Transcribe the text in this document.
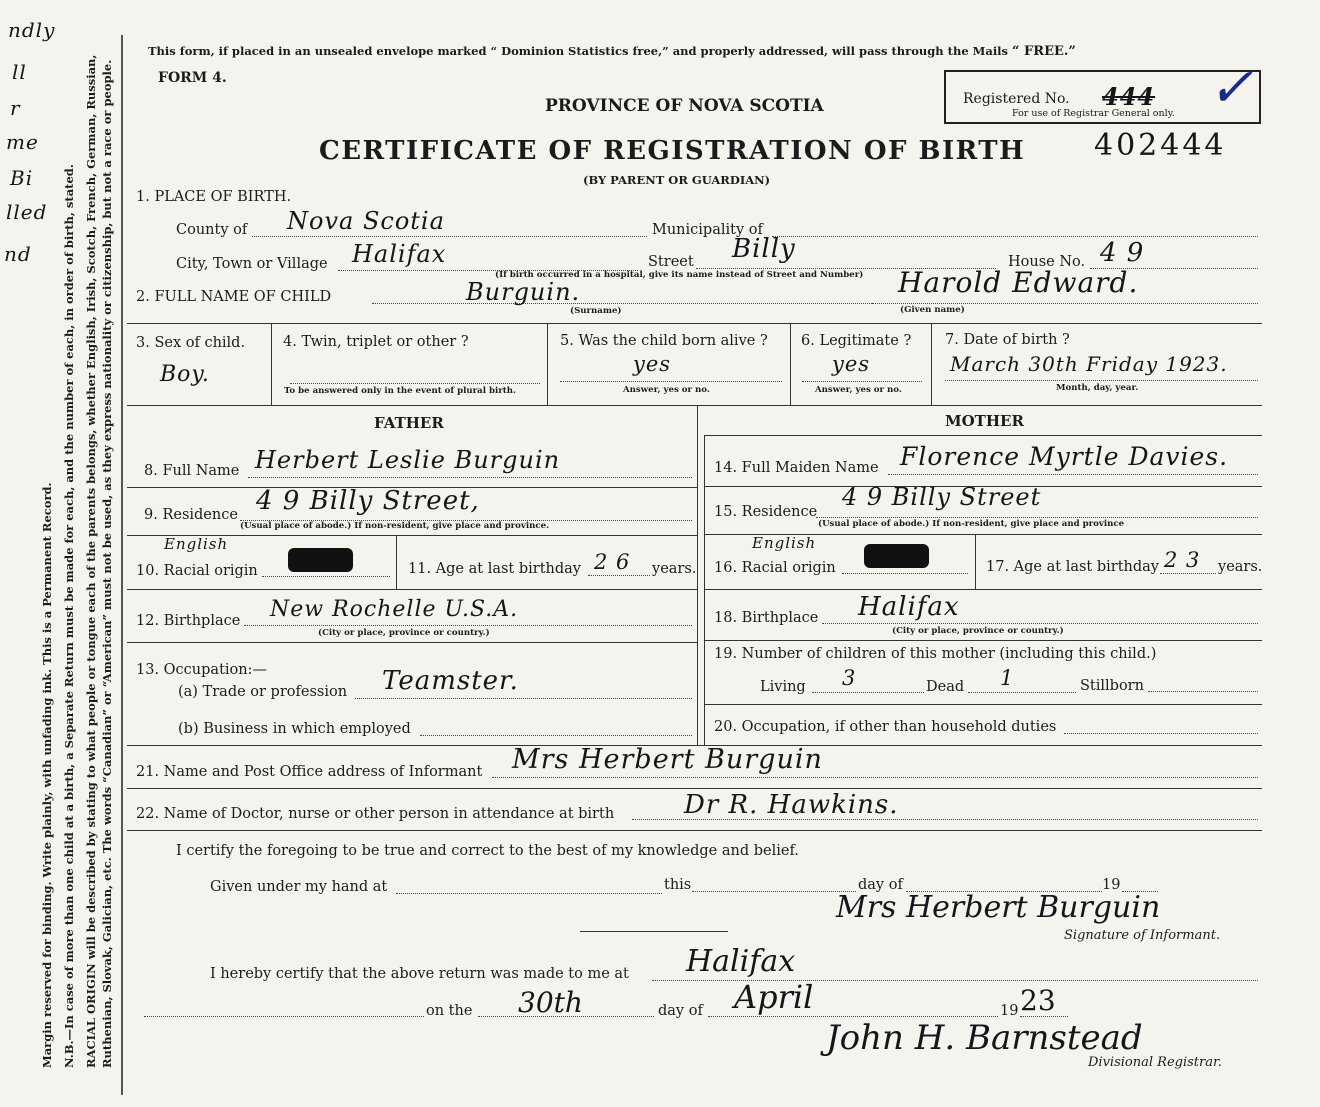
ndly
ll
r
me
Bi
lled
nd
Margin reserved for binding. Write plainly, with unfading ink. This is a Permanent Record. N.B.—In case of more than one child at a birth, a Separate Return must be made for each, and the number of each, in order of birth, stated. RACIAL ORIGIN will be described by stating to what people or tongue each of the parents belongs, whether English, Irish, Scotch, French, German, Russian, Ruthenian, Slovak, Galician, etc. The words “Canadian” or “American” must not be used, as they express nationality or citizenship, but not a race or people.
This form, if placed in an unsealed envelope marked “ Dominion Statistics free,” and properly addressed, will pass through the Mails “ FREE.”
FORM 4.
PROVINCE OF NOVA SCOTIA	Registered No. 444
For use of Registrar General only. ✓
CERTIFICATE OF REGISTRATION OF BIRTH 402444
(BY PARENT OR GUARDIAN)
1. PLACE OF BIRTH.
County of Nova Scotia	Municipality of
City, Town or Village Halifax	Street Billy	House No. 4 9
(If birth occurred in a hospital, give its name instead of Street and Number)
2. FULL NAME OF CHILD	Burguin.	Harold Edward.
(Surname)	(Given name)
3. Sex of child.
Boy.
4. Twin, triplet or other ?
To be answered only in the event of plural birth.
5. Was the child born alive ?
yes
Answer, yes or no.
6. Legitimate ?
yes
Answer, yes or no.
7. Date of birth ?
March 30th Friday 1923.
Month, day, year.
FATHER	MOTHER
8. Full Name Herbert Leslie Burguin
9. Residence 4 9 Billy Street,
(Usual place of abode.) If non-resident, give place and province.
10. Racial origin
English
White	11. Age at last birthday 2 6 years.
12. Birthplace New Rochelle U.S.A.
(City or place, province or country.)
13. Occupation:—
(a) Trade or profession Teamster.
(b) Business in which employed
14. Full Maiden Name Florence Myrtle Davies.
15. Residence
4 9 Billy Street
(Usual place of abode.) If non-resident, give place and province
16. Racial origin
English
White	17. Age at last birthday 2 3 years.
18. Birthplace Halifax
(City or place, province or country.)
19. Number of children of this mother (including this child.)
Living 3	Dead 1	Stillborn
20. Occupation, if other than household duties
21. Name and Post Office address of Informant Mrs Herbert Burguin
22. Name of Doctor, nurse or other person in attendance at birth	Dr R. Hawkins.
I certify the foregoing to be true and correct to the best of my knowledge and belief.
Given under my hand at	this	day of	19
Mrs Herbert Burguin
Signature of Informant.
I hereby certify that the above return was made to me at Halifax
on the 30th	day of April	19 23
John H. Barnstead
Divisional Registrar.
